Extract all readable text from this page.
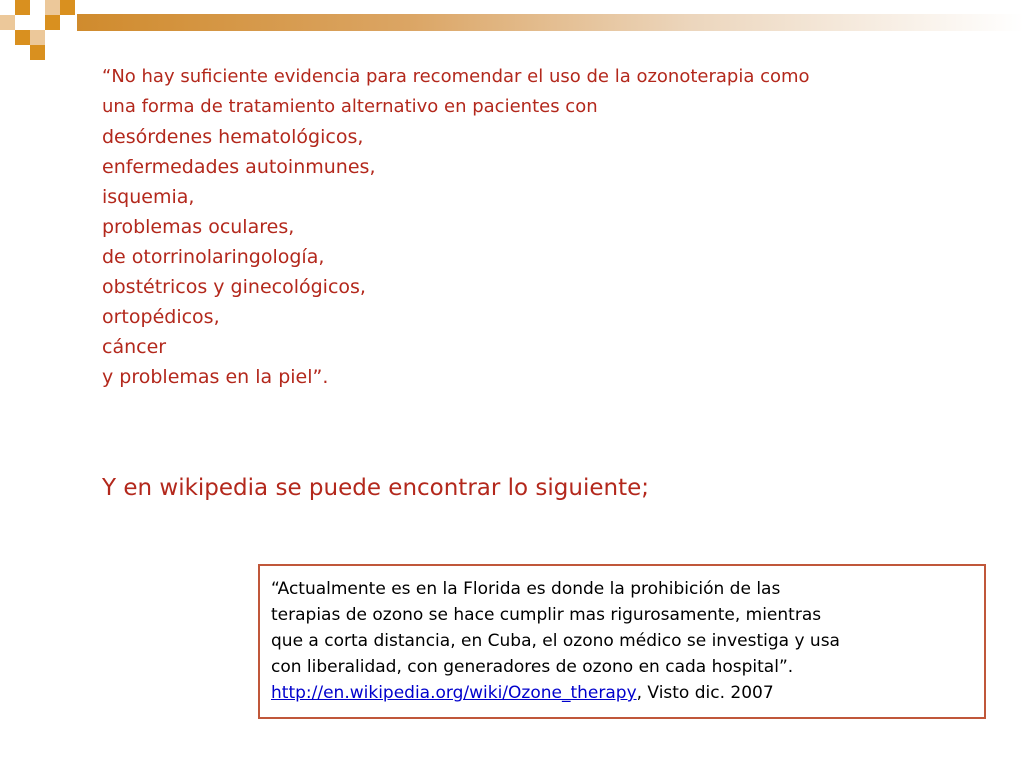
“No hay suficiente evidencia para recomendar el uso de la ozonoterapia como una forma de tratamiento alternativo en pacientes con
desórdenes hematológicos,
enfermedades autoinmunes,
isquemia,
problemas oculares,
de otorrinolaringología,
obstétricos y ginecológicos,
ortopédicos,
cáncer
y problemas en la piel”.
Y en wikipedia se puede encontrar lo siguiente;
“Actualmente es en la Florida es donde la prohibición de las
terapias de ozono se hace cumplir mas rigurosamente, mientras
que a corta distancia, en Cuba, el ozono médico se investiga y usa
con liberalidad, con generadores de ozono en cada hospital”.
http://en.wikipedia.org/wiki/Ozone_therapy, Visto dic. 2007
